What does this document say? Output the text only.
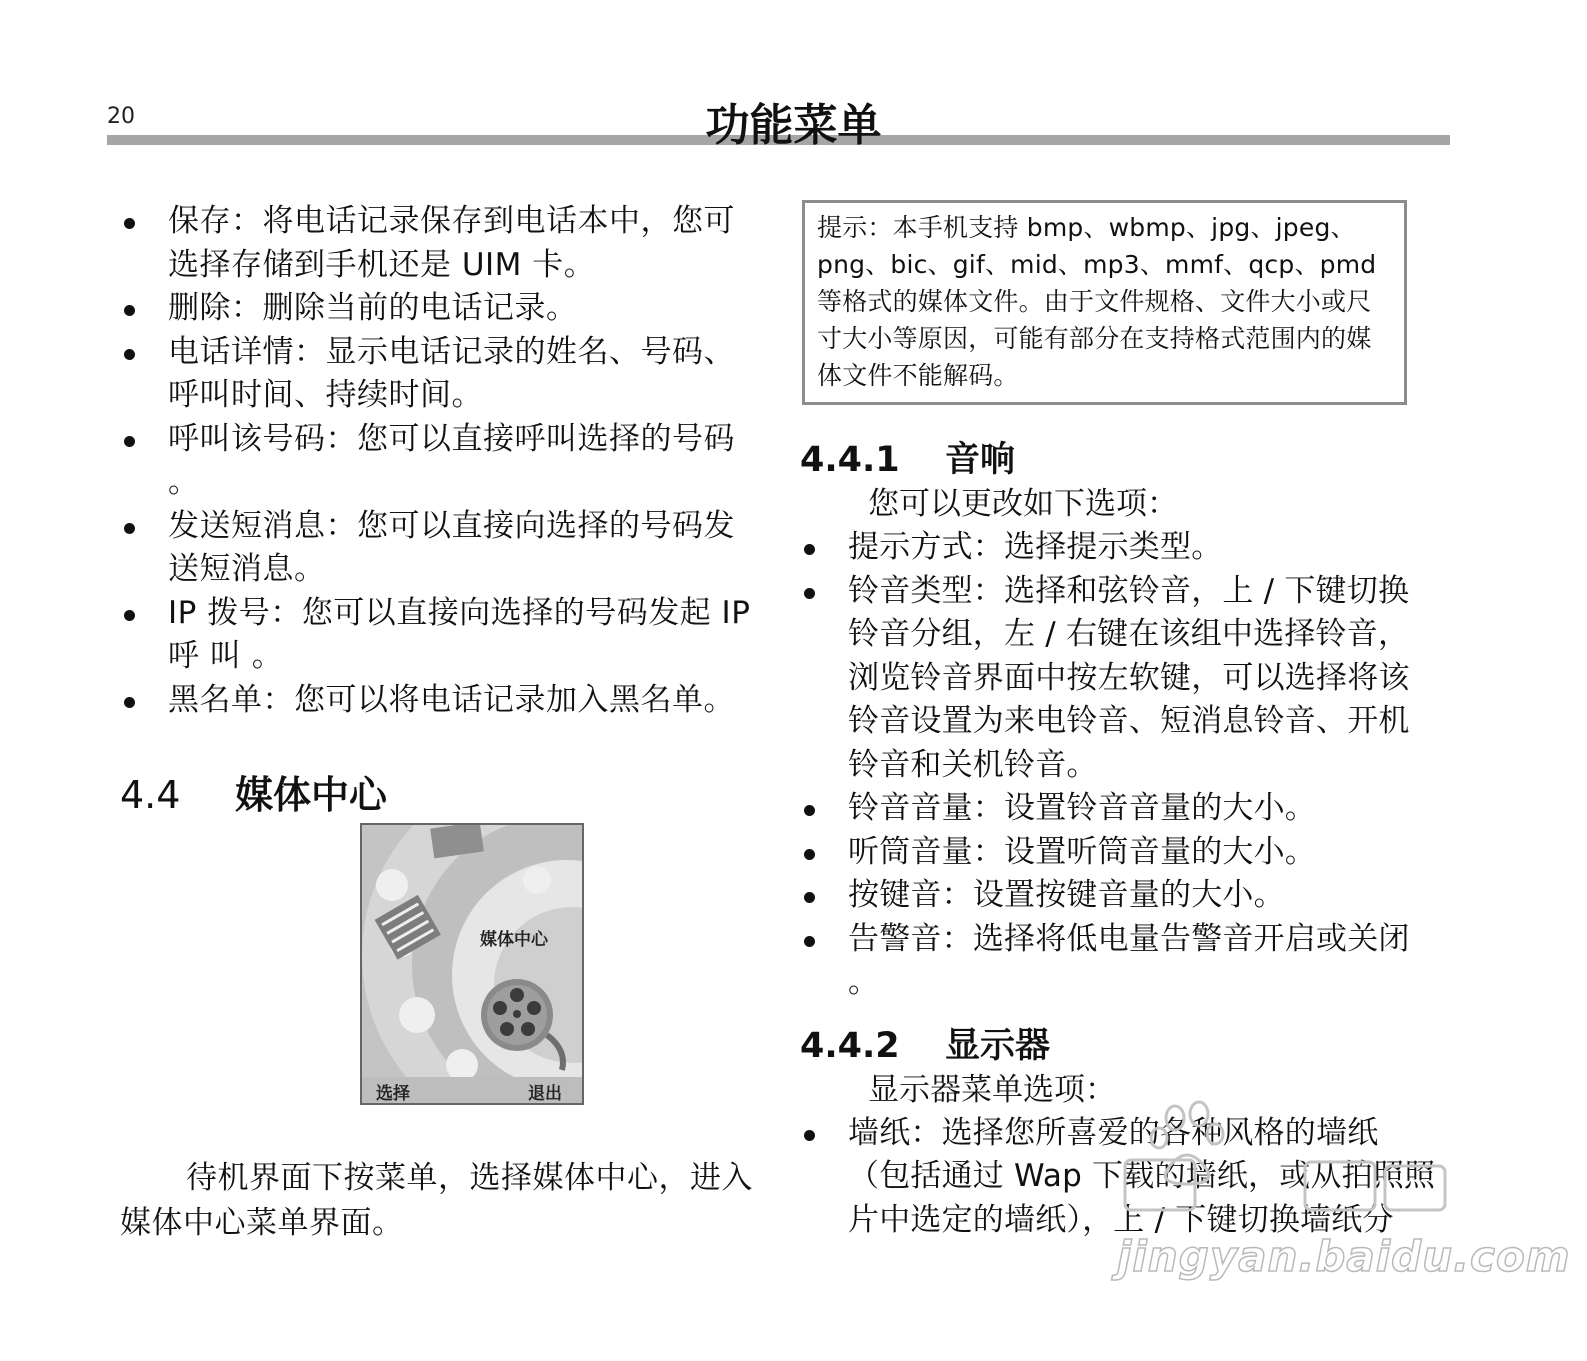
20	功能菜单
保存：将电话记录保存到电话本中，您可选择存储到手机还是 UIM 卡。
删除：删除当前的电话记录。
电话详情：显示电话记录的姓名、号码、呼叫时间、持续时间。
呼叫该号码：您可以直接呼叫选择的号码 。
发送短消息：您可以直接向选择的号码发送短消息。
IP 拨号：您可以直接向选择的号码发起 IP 呼 叫 。
黑名单：您可以将电话记录加入黑名单。
4.4	媒体中心
媒体中心
选择	退出

待机界面下按菜单，选择媒体中心，进入媒体中心菜单界面。

提示：本手机支持 bmp、wbmp、jpg、jpeg、png、bic、gif、mid、mp3、mmf、qcp、pmd 等格式的媒体文件。由于文件规格、文件大小或尺寸大小等原因，可能有部分在支持格式范围内的媒体文件不能解码。
4.4.1	音响

您可以更改如下选项：

提示方式：选择提示类型。
铃音类型：选择和弦铃音，上 / 下键切换铃音分组，左 / 右键在该组中选择铃音，浏览铃音界面中按左软键，可以选择将该铃音设置为来电铃音、短消息铃音、开机铃音和关机铃音。
铃音音量：设置铃音音量的大小。
听筒音量：设置听筒音量的大小。
按键音：设置按键音量的大小。
告警音：选择将低电量告警音开启或关闭 。
4.4.2	显示器

显示器菜单选项：

墙纸：选择您所喜爱的各种风格的墙纸（包括通过 Wap 下载的墙纸，或从拍照照片中选定的墙纸），上 / 下键切换墙纸分
jingyan.baidu.com
